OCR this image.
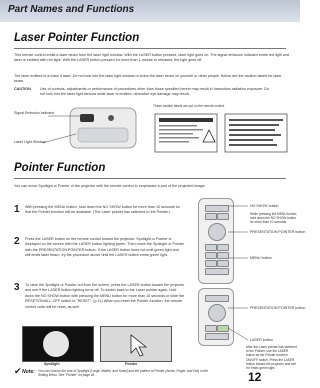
Part Names and Functions
Laser Pointer Function
This remote control emits a laser beam from the laser light window. With the LASER button pressed, laser light goes on. The signal emission indicator emits red light and laser is emitted with red light. With the LASER button pressed for more than 1 minute or released, the light goes off.
The laser emitted is a class II laser. Do not look into the laser light window or shine the laser beam on yourself or other people. Below are the caution labels for laser beam.
CAUTION	Use of controls, adjustments or performance of procedures other than those specified herein may result in hazardous radiation exposure. Do not look into the laser light window while laser is emitted, otherwise eye damage may result.
Signal Emission Indicator
Laser Light Window
These caution labels are put on the remote control.
Pointer Function
You can move Spotlight or Pointer of the projector with the remote control to emphasize a part of the projected image.
1 With pressing the MENU button, hold down the NO SHOW button for more than 10 seconds so that the Pointer function will be available. (The Laser pointer has switched to the Pointer.)
2 Press the LASER button on the remote control toward the projector. Spotlight or Pointer is displayed on the screen with the LASER button lighting green. Then move the Spotlight or Pointer with the PRESENTATION POINTER button. If the LASER button does not emit green light and still emits laser beam, try the procedure above until the LASER button emits green light.
3 To clear the Spotlight or Pointer out from the screen, press the LASER button toward the projector and see if the LASER button lighting turns off. To switch back to the Laser pointer again, hold down the NO SHOW button with pressing the MENU button for more than 10 seconds or slide the RESET/ON/ALL-OFF switch to "RESET". (p.11) When you reset the Pointer function, the remote control code will be reset, as well.
NO SHOW button
While pressing the MENU button, hold down the NO SHOW button for more than 10 seconds.
PRESENTATION POINTER button
MENU button
PRESENTATION POINTER button
LASER button
After the Laser pointer has switched to the Pointer, use the LASER button as the Pointer function ON/OFF switch. Press the LASER button toward the projector and see if it emits green light.
Spotlight	Pointer
✔ Note: You can choose the size of Spotlight (Large, Middle, and Small) and the pattern of Pointer (Arrow, Finger, and Dot) in the Setting Menu. See "Pointer" on page 46.	12
